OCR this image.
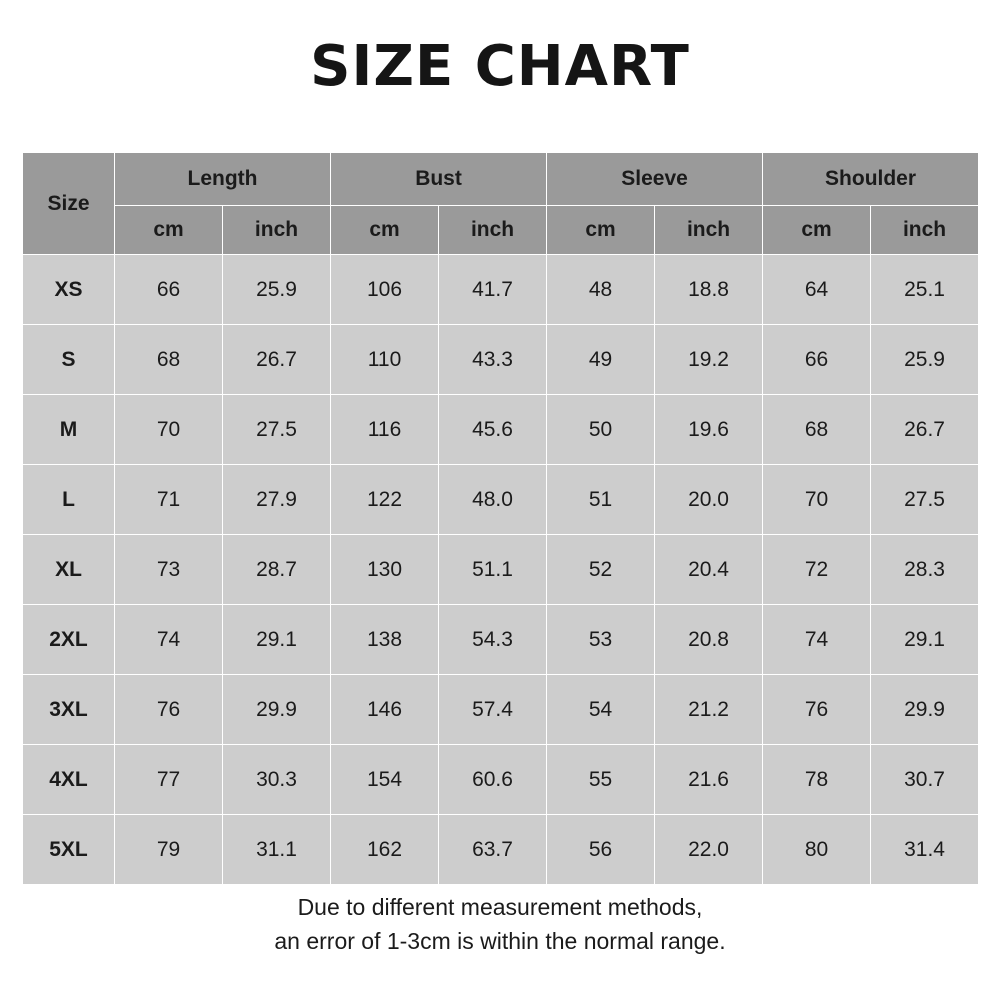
SIZE CHART
Size	Length		Bust		Sleeve		Shoulder	
	cm	inch	cm	inch	cm	inch	cm	inch
XS	66	25.9	106	41.7	48	18.8	64	25.1
S	68	26.7	110	43.3	49	19.2	66	25.9
M	70	27.5	116	45.6	50	19.6	68	26.7
L	71	27.9	122	48.0	51	20.0	70	27.5
XL	73	28.7	130	51.1	52	20.4	72	28.3
2XL	74	29.1	138	54.3	53	20.8	74	29.1
3XL	76	29.9	146	57.4	54	21.2	76	29.9
4XL	77	30.3	154	60.6	55	21.6	78	30.7
5XL	79	31.1	162	63.7	56	22.0	80	31.4
Due to different measurement methods,
an error of 1-3cm is within the normal range.
